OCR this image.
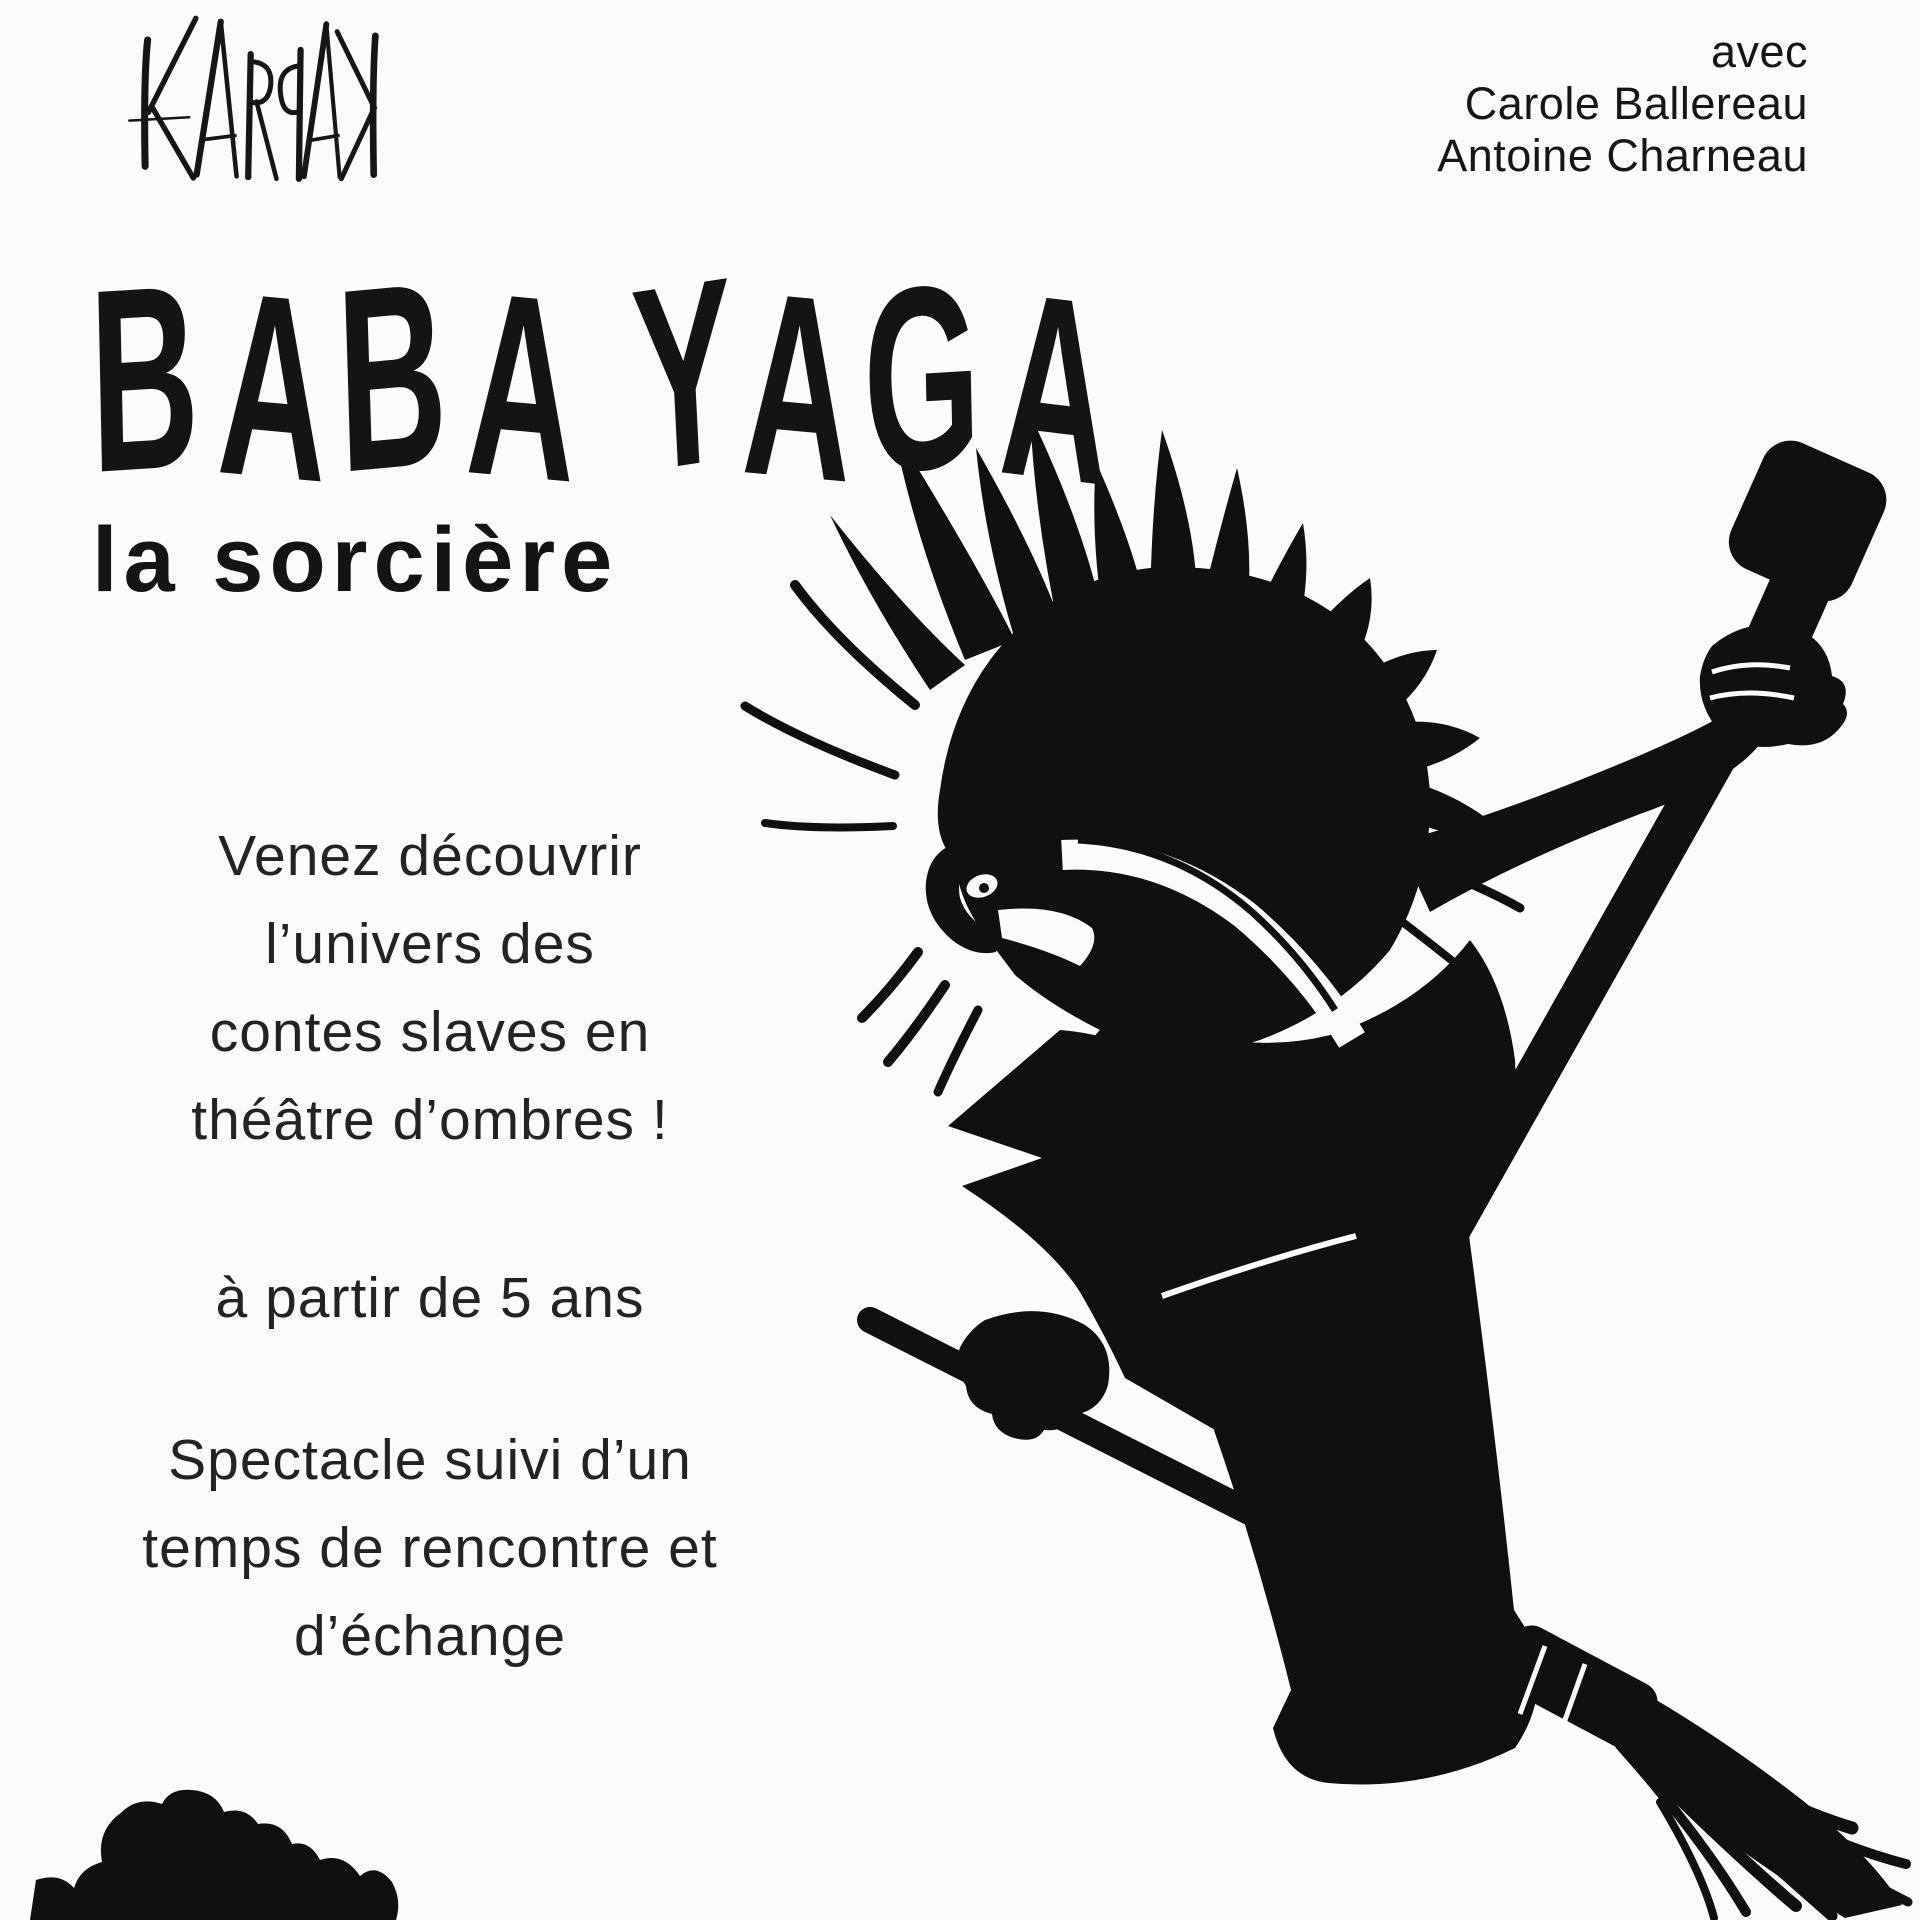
avec
Carole Ballereau
Antoine Charneau
BABA YAGA
la sorcière
Venez découvrir
l’univers des
contes slaves en
théâtre d’ombres !
à partir de 5 ans
Spectacle suivi d’un
temps de rencontre et
d’échange
